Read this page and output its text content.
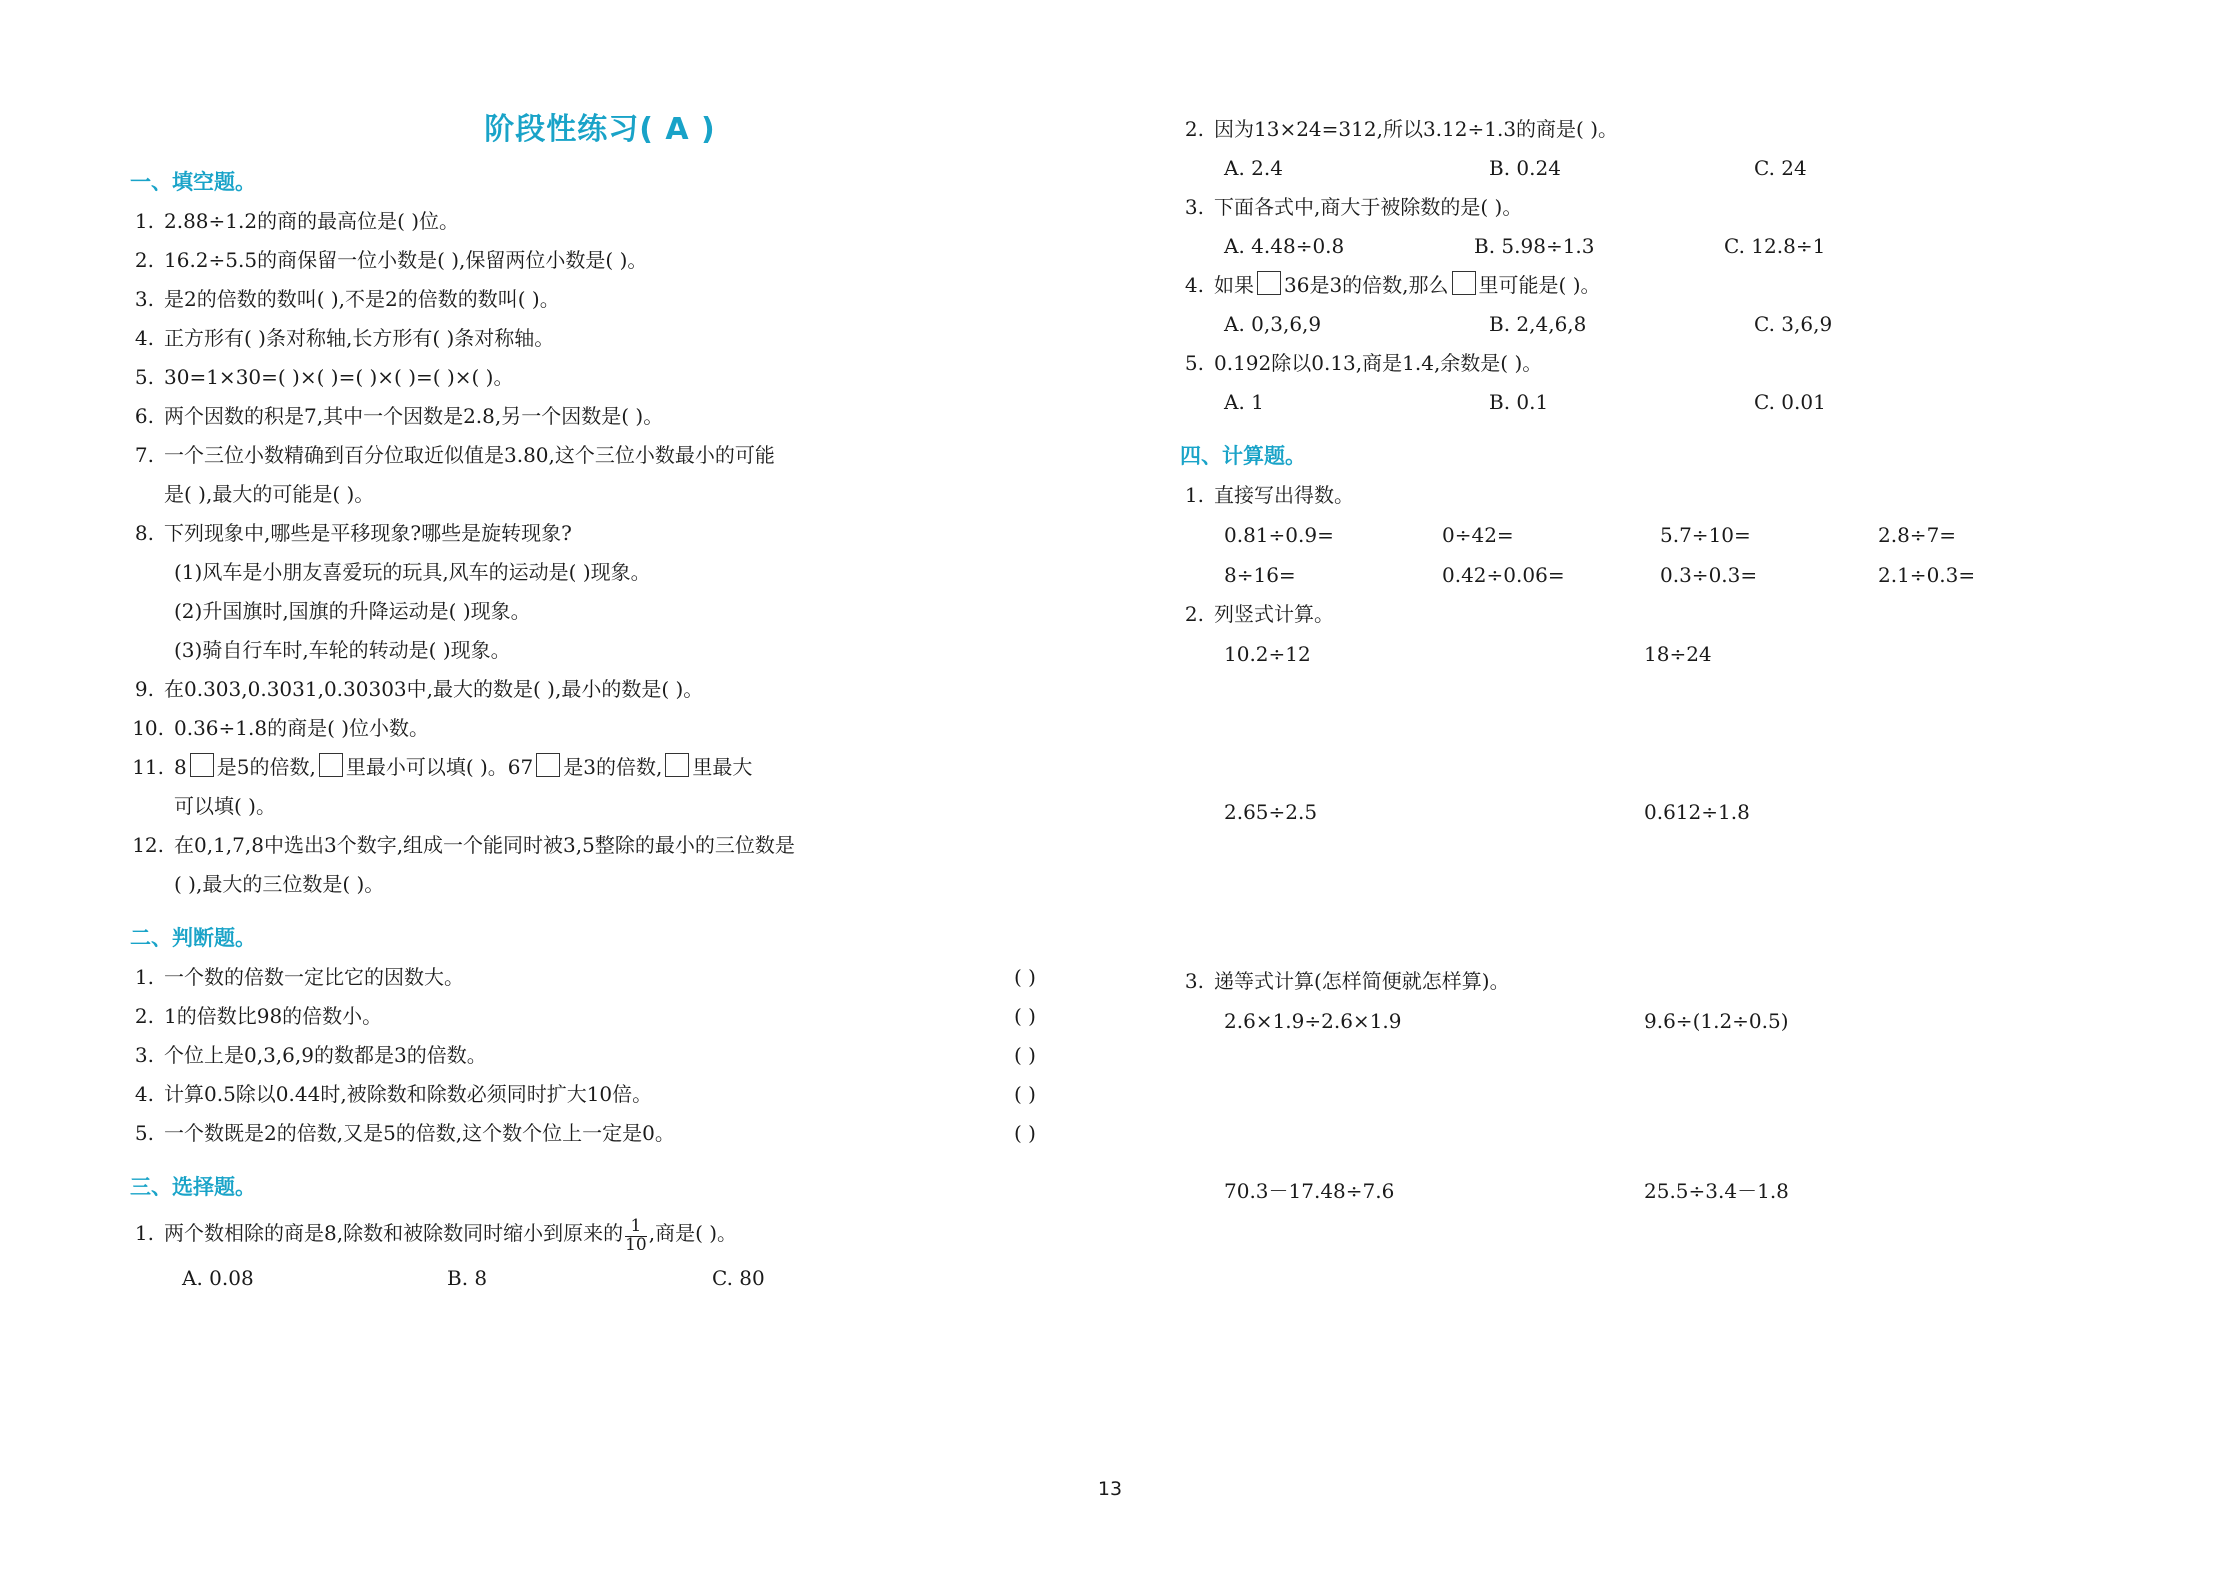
阶段性练习( A )
一、填空题。
1. 2.88÷1.2的商的最高位是( )位。
2. 16.2÷5.5的商保留一位小数是( ),保留两位小数是( )。
3. 是2的倍数的数叫( ),不是2的倍数的数叫( )。
4. 正方形有( )条对称轴,长方形有( )条对称轴。
5. 30=1×30=( )×( )=( )×( )=( )×( )。
6. 两个因数的积是7,其中一个因数是2.8,另一个因数是( )。
7. 一个三位小数精确到百分位取近似值是3.80,这个三位小数最小的可能
是( ),最大的可能是( )。
8. 下列现象中,哪些是平移现象?哪些是旋转现象?
(1)风车是小朋友喜爱玩的玩具,风车的运动是( )现象。
(2)升国旗时,国旗的升降运动是( )现象。
(3)骑自行车时,车轮的转动是( )现象。
9. 在0.303,0.3031,0.30303中,最大的数是( ),最小的数是( )。
10. 0.36÷1.8的商是( )位小数。
11. 8 是5的倍数, 里最小可以填( )。67 是3的倍数, 里最大
可以填( )。
12. 在0,1,7,8中选出3个数字,组成一个能同时被3,5整除的最小的三位数是
( ),最大的三位数是( )。
二、判断题。
1. 一个数的倍数一定比它的因数大。	( )
2. 1的倍数比98的倍数小。	( )
3. 个位上是0,3,6,9的数都是3的倍数。	( )
4. 计算0.5除以0.44时,被除数和除数必须同时扩大10倍。	( )
5. 一个数既是2的倍数,又是5的倍数,这个数个位上一定是0。	( )
三、选择题。
1. 两个数相除的商是8,除数和被除数同时缩小到原来的 $\frac{1}{10}$ ,商是( )。
A. 0.08	B. 8	C. 80
2. 因为13×24=312,所以3.12÷1.3的商是( )。
A. 2.4	B. 0.24	C. 24
3. 下面各式中,商大于被除数的是( )。
A. 4.48÷0.8	B. 5.98÷1.3	C. 12.8÷1
4. 如果 36是3的倍数,那么 里可能是( )。
A. 0,3,6,9	B. 2,4,6,8	C. 3,6,9
5. 0.192除以0.13,商是1.4,余数是( )。
A. 1	B. 0.1	C. 0.01
四、计算题。
1. 直接写出得数。
0.81÷0.9=	0÷42=	5.7÷10=	2.8÷7=
8÷16=	0.42÷0.06=	0.3÷0.3=	2.1÷0.3=
2. 列竖式计算。
10.2÷12	18÷24
2.65÷2.5	0.612÷1.8
3. 递等式计算(怎样简便就怎样算)。
2.6×1.9÷2.6×1.9	9.6÷(1.2÷0.5)
70.3－17.48÷7.6	25.5÷3.4－1.8
13
